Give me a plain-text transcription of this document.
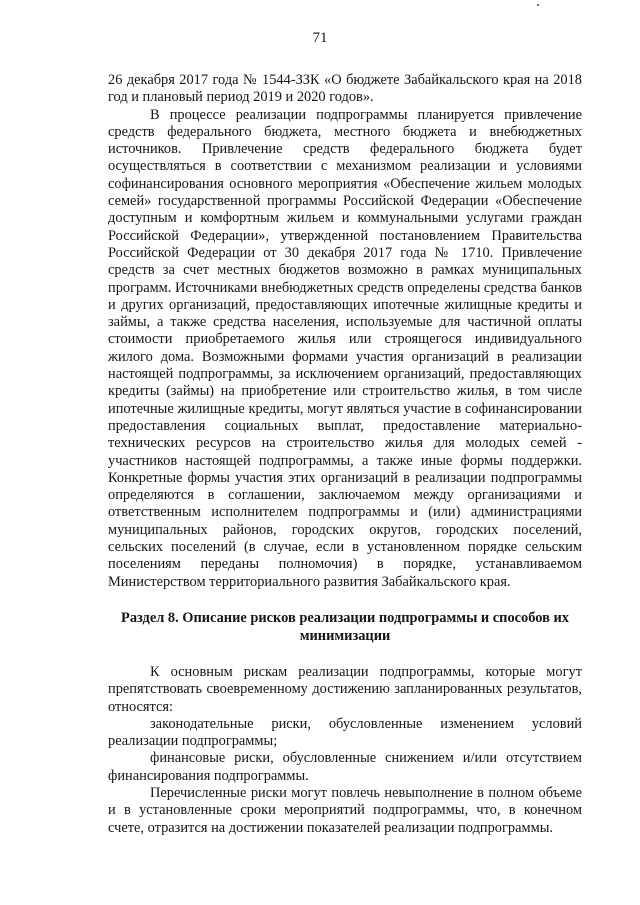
71

26 декабря 2017 года № 1544-ЗЗК «О бюджете Забайкальского края на 2018 год и плановый период 2019 и 2020 годов».

В процессе реализации подпрограммы планируется привлечение средств федерального бюджета, местного бюджета и внебюджетных источников. Привлечение средств федерального бюджета будет осуществляться в соответствии с механизмом реализации и условиями софинансирования основного мероприятия «Обеспечение жильем молодых семей» государственной программы Российской Федерации «Обеспечение доступным и комфортным жильем и коммунальными услугами граждан Российской Федерации», утвержденной постановлением Правительства Российской Федерации от 30 декабря 2017 года № 1710. Привлечение средств за счет местных бюджетов возможно в рамках муниципальных программ. Источниками внебюджетных средств определены средства банков и других организаций, предоставляющих ипотечные жилищные кредиты и займы, а также средства населения, используемые для частичной оплаты стоимости приобретаемого жилья или строящегося индивидуального жилого дома. Возможными формами участия организаций в реализации настоящей подпрограммы, за исключением организаций, предоставляющих кредиты (займы) на приобретение или строительство жилья, в том числе ипотечные жилищные кредиты, могут являться участие в софинансировании предоставления социальных выплат, предоставление материально-технических ресурсов на строительство жилья для молодых семей - участников настоящей подпрограммы, а также иные формы поддержки. Конкретные формы участия этих организаций в реализации подпрограммы определяются в соглашении, заключаемом между организациями и ответственным исполнителем подпрограммы и (или) администрациями муниципальных районов, городских округов, городских поселений, сельских поселений (в случае, если в установленном порядке сельским поселениям переданы полномочия) в порядке, устанавливаемом Министерством территориального развития Забайкальского края.

Раздел 8. Описание рисков реализации подпрограммы и способов их минимизации

К основным рискам реализации подпрограммы, которые могут препятствовать своевременному достижению запланированных результатов, относятся:

законодательные риски, обусловленные изменением условий реализации подпрограммы;

финансовые риски, обусловленные снижением и/или отсутствием финансирования подпрограммы.

Перечисленные риски могут повлечь невыполнение в полном объеме и в установленные сроки мероприятий подпрограммы, что, в конечном счете, отразится на достижении показателей реализации подпрограммы.
